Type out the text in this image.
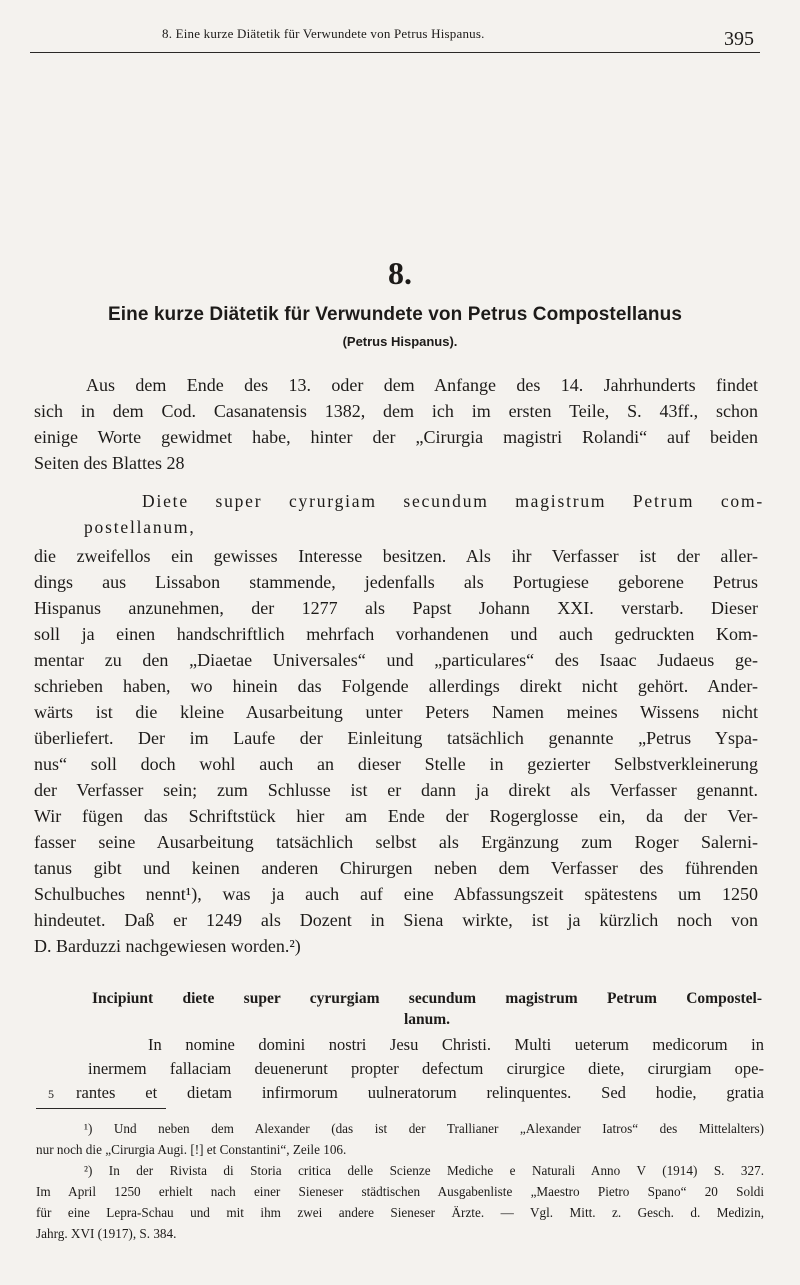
8. Eine kurze Diätetik für Verwundete von Petrus Hispanus.	395
8.
Eine kurze Diätetik für Verwundete von Petrus Compostellanus
(Petrus Hispanus).
Aus dem Ende des 13. oder dem Anfange des 14. Jahrhunderts findet
sich in dem Cod. Casanatensis 1382, dem ich im ersten Teile, S. 43ff., schon
einige Worte gewidmet habe, hinter der „Cirurgia magistri Rolandi“ auf beiden
Seiten des Blattes 28
Diete super cyrurgiam secundum magistrum Petrum com-
postellanum,
die zweifellos ein gewisses Interesse besitzen. Als ihr Verfasser ist der aller-
dings aus Lissabon stammende, jedenfalls als Portugiese geborene Petrus
Hispanus anzunehmen, der 1277 als Papst Johann XXI. verstarb. Dieser
soll ja einen handschriftlich mehrfach vorhandenen und auch gedruckten Kom-
mentar zu den „Diaetae Universales“ und „particulares“ des Isaac Judaeus ge-
schrieben haben, wo hinein das Folgende allerdings direkt nicht gehört. Ander-
wärts ist die kleine Ausarbeitung unter Peters Namen meines Wissens nicht
überliefert. Der im Laufe der Einleitung tatsächlich genannte „Petrus Yspa-
nus“ soll doch wohl auch an dieser Stelle in gezierter Selbstverkleinerung
der Verfasser sein; zum Schlusse ist er dann ja direkt als Verfasser genannt.
Wir fügen das Schriftstück hier am Ende der Rogerglosse ein, da der Ver-
fasser seine Ausarbeitung tatsächlich selbst als Ergänzung zum Roger Salerni-
tanus gibt und keinen anderen Chirurgen neben dem Verfasser des führenden
Schulbuches nennt¹), was ja auch auf eine Abfassungszeit spätestens um 1250
hindeutet. Daß er 1249 als Dozent in Siena wirkte, ist ja kürzlich noch von
D. Barduzzi nachgewiesen worden.²)
Incipiunt diete super cyrurgiam secundum magistrum Petrum Compostel-
lanum.
In nomine domini nostri Jesu Christi. Multi ueterum medicorum in
inermem fallaciam deuenerunt propter defectum cirurgice diete, cirurgiam ope-
5 rantes et dietam infirmorum uulneratorum relinquentes. Sed hodie, gratia
¹) Und neben dem Alexander (das ist der Trallianer „Alexander Iatros“ des Mittelalters)
nur noch die „Cirurgia Augi. [!] et Constantini“, Zeile 106.
²) In der Rivista di Storia critica delle Scienze Mediche e Naturali Anno V (1914) S. 327.
Im April 1250 erhielt nach einer Sieneser städtischen Ausgabenliste „Maestro Pietro Spano“ 20 Soldi
für eine Lepra-Schau und mit ihm zwei andere Sieneser Ärzte. — Vgl. Mitt. z. Gesch. d. Medizin,
Jahrg. XVI (1917), S. 384.
